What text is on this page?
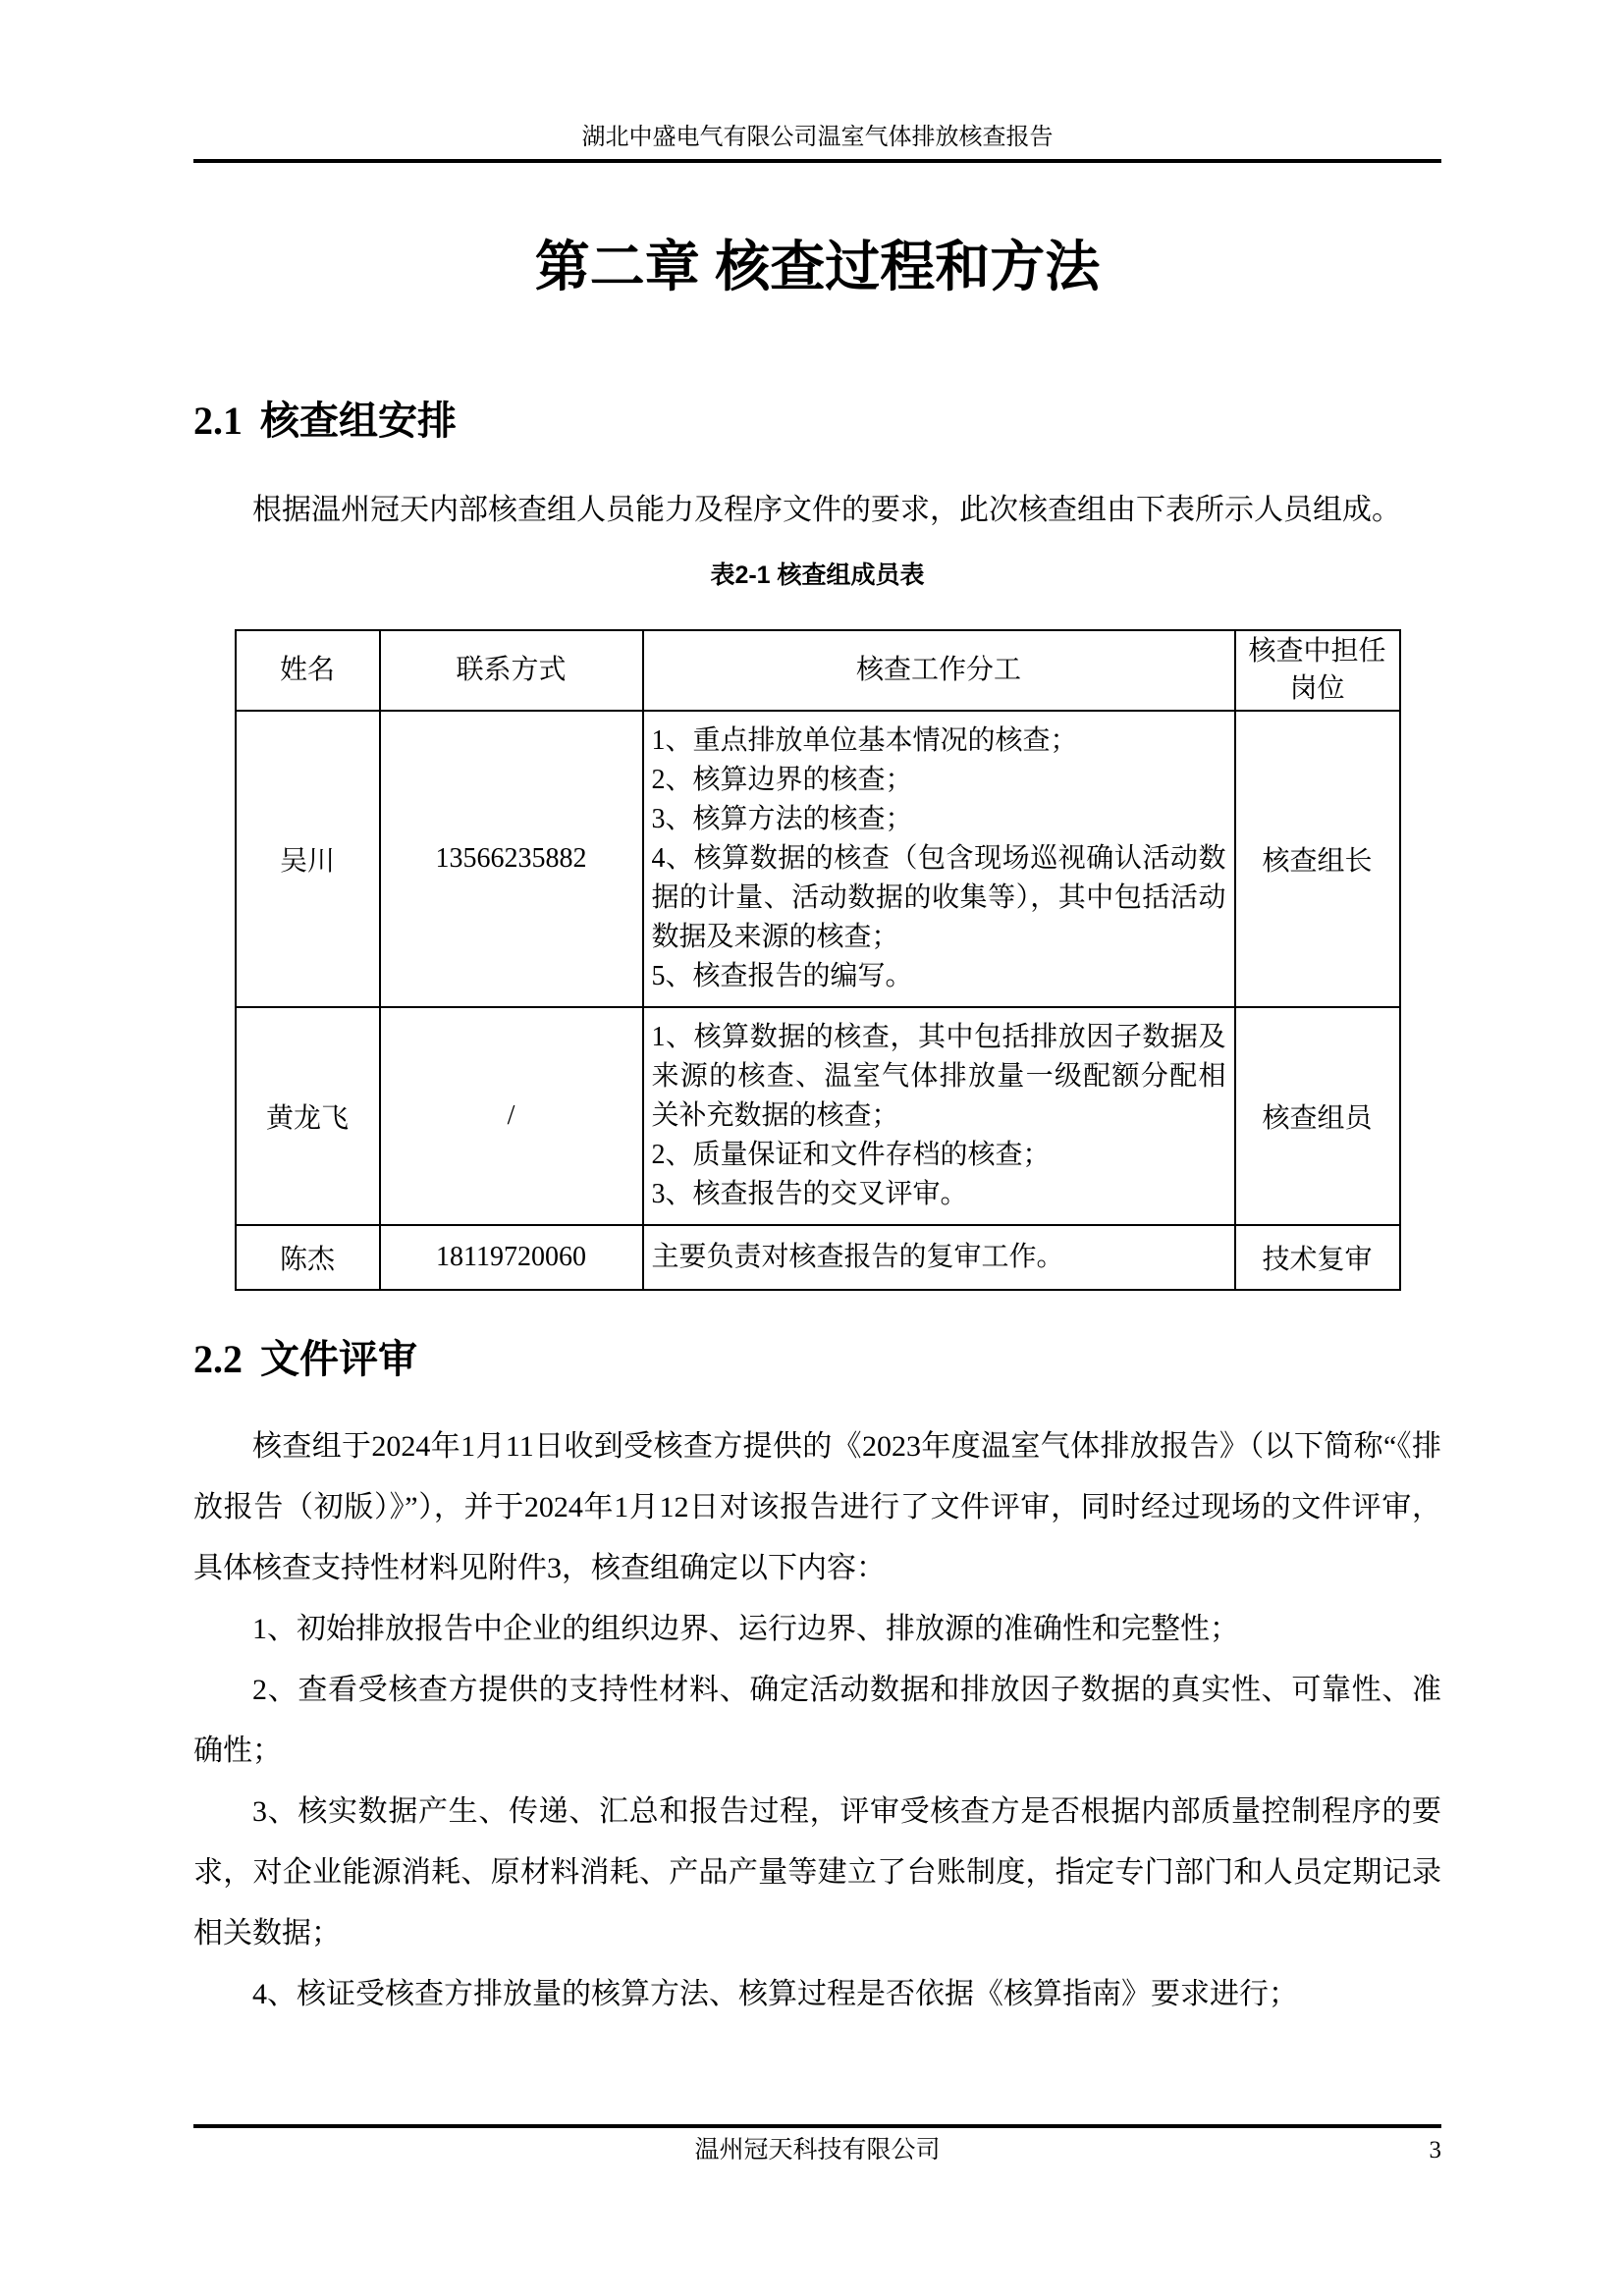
湖北中盛电气有限公司温室气体排放核查报告
第二章 核查过程和方法
2.1 核查组安排

根据温州冠天内部核查组人员能力及程序文件的要求，此次核查组由下表所示人员组成。

表2-1 核查组成员表
姓名	联系方式	核查工作分工	核查中担任岗位
吴川	13566235882	1、重点排放单位基本情况的核查；

2、核算边界的核查；

3、核算方法的核查；

4、核算数据的核查（包含现场巡视确认活动数据的计量、活动数据的收集等），其中包括活动数据及来源的核查；

5、核查报告的编写。	核查组长
黄龙飞	/	1、核算数据的核查，其中包括排放因子数据及来源的核查、温室气体排放量一级配额分配相关补充数据的核查；

2、质量保证和文件存档的核查；

3、核查报告的交叉评审。	核查组员
陈杰	18119720060	主要负责对核查报告的复审工作。	技术复审
2.2 文件评审

核查组于2024年1月11日收到受核查方提供的《2023年度温室气体排放报告》（以下简称“《排放报告（初版）》”），并于2024年1月12日对该报告进行了文件评审，同时经过现场的文件评审，具体核查支持性材料见附件3，核查组确定以下内容：

1、初始排放报告中企业的组织边界、运行边界、排放源的准确性和完整性；

2、查看受核查方提供的支持性材料、确定活动数据和排放因子数据的真实性、可靠性、准确性；

3、核实数据产生、传递、汇总和报告过程，评审受核查方是否根据内部质量控制程序的要求，对企业能源消耗、原材料消耗、产品产量等建立了台账制度，指定专门部门和人员定期记录相关数据；

4、核证受核查方排放量的核算方法、核算过程是否依据《核算指南》要求进行；

温州冠天科技有限公司	3
